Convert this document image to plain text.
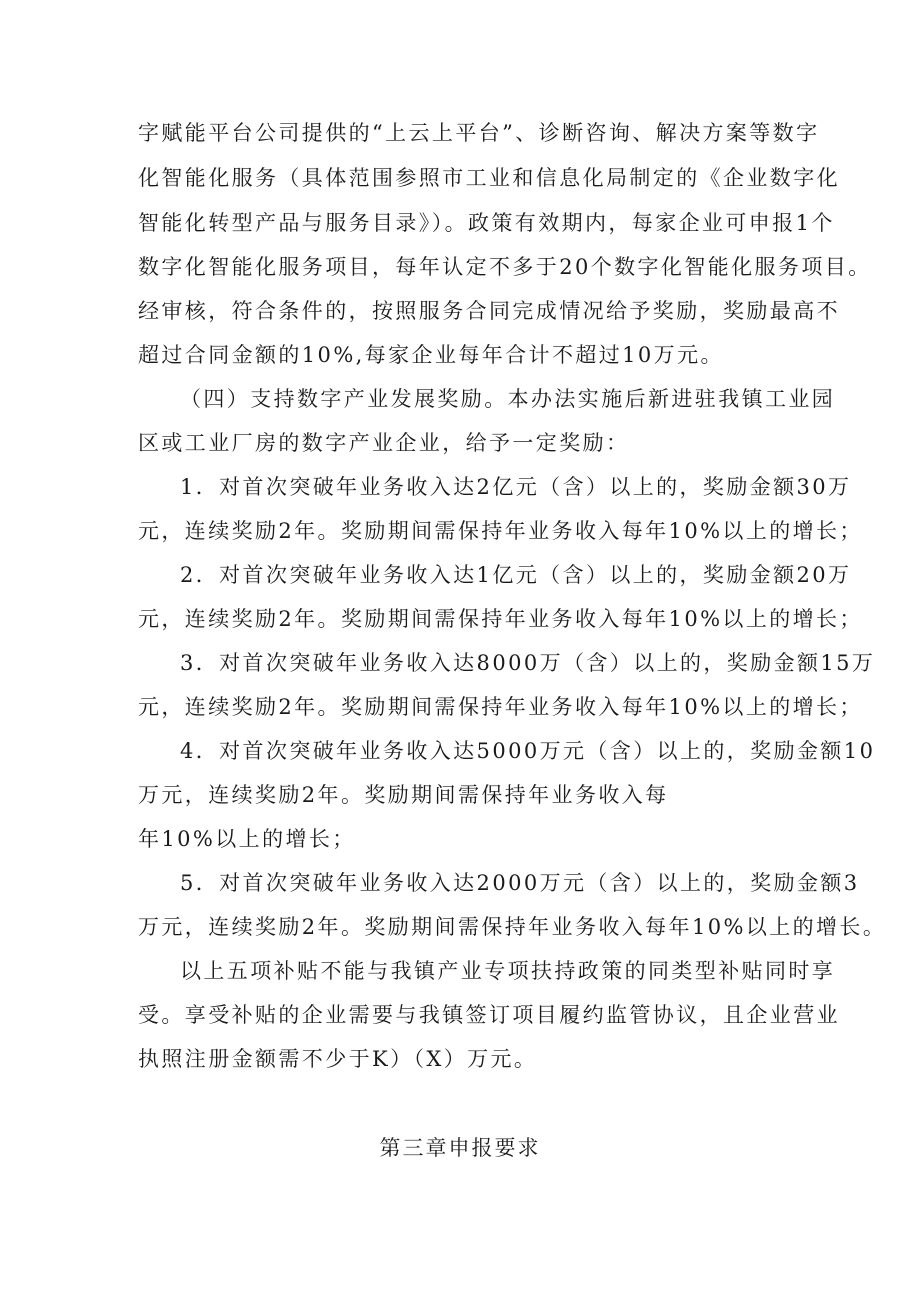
字赋能平台公司提供的“上云上平台”、诊断咨询、解决方案等数字
化智能化服务（具体范围参照市工业和信息化局制定的《企业数字化
智能化转型产品与服务目录》）。政策有效期内，每家企业可申报1个
数字化智能化服务项目，每年认定不多于20个数字化智能化服务项目。
经审核，符合条件的，按照服务合同完成情况给予奖励，奖励最高不
超过合同金额的10%,每家企业每年合计不超过10万元。
（四）支持数字产业发展奖励。本办法实施后新进驻我镇工业园
区或工业厂房的数字产业企业，给予一定奖励：
1．对首次突破年业务收入达2亿元（含）以上的，奖励金额30万
元，连续奖励2年。奖励期间需保持年业务收入每年10%以上的增长；
2．对首次突破年业务收入达1亿元（含）以上的，奖励金额20万
元，连续奖励2年。奖励期间需保持年业务收入每年10%以上的增长；
3．对首次突破年业务收入达8000万（含）以上的，奖励金额15万
元，连续奖励2年。奖励期间需保持年业务收入每年10%以上的增长；
4．对首次突破年业务收入达5000万元（含）以上的，奖励金额10
万元，连续奖励2年。奖励期间需保持年业务收入每
年10%以上的增长；
5．对首次突破年业务收入达2000万元（含）以上的，奖励金额3
万元，连续奖励2年。奖励期间需保持年业务收入每年10%以上的增长。
以上五项补贴不能与我镇产业专项扶持政策的同类型补贴同时享
受。享受补贴的企业需要与我镇签订项目履约监管协议，且企业营业
执照注册金额需不少于K）（X）万元。
第三章申报要求
